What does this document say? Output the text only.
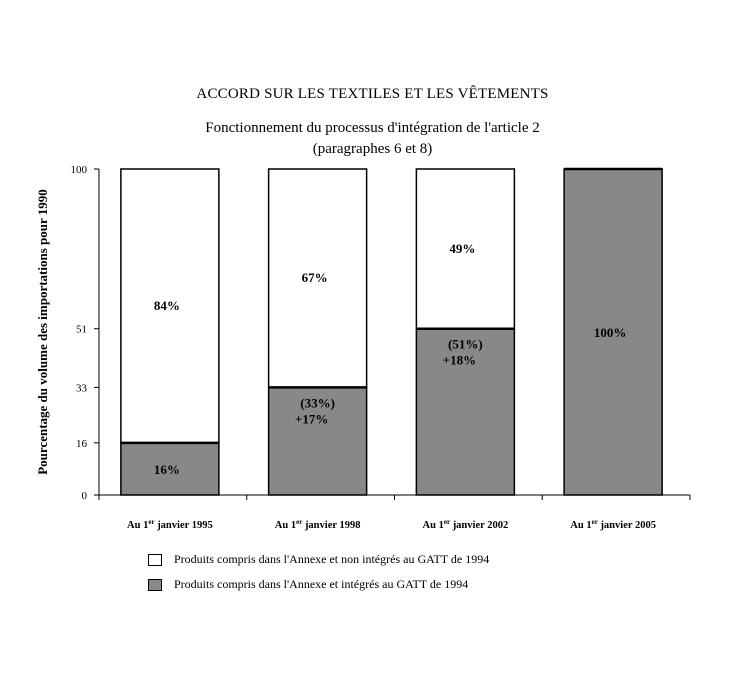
ACCORD SUR LES TEXTILES ET LES VÊTEMENTS
Fonctionnement du processus d'intégration de l'article 2
(paragraphes 6 et 8)
0
16
33
51
100
84%
16%
67%
(33%)
+17%
49%
(51%)
+18%
100%
Au 1er janvier 1995	Au 1er janvier 1998	Au 1er janvier 2002	Au 1er janvier 2005
Pourcentage du volume des importations pour 1990
Produits compris dans l'Annexe et non intégrés au GATT de 1994
Produits compris dans l'Annexe et intégrés au GATT de 1994
